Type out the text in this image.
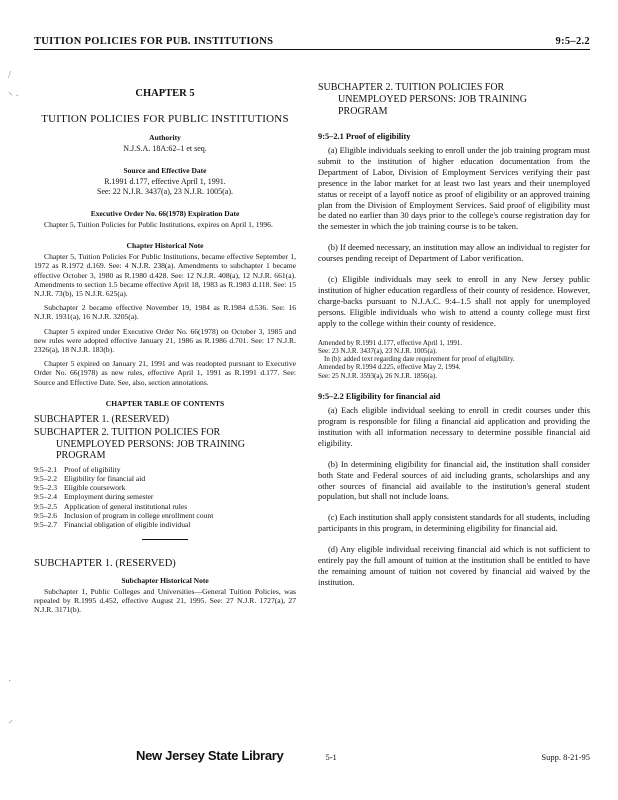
/
⸌ ·
·
⸍
TUITION POLICIES FOR PUB. INSTITUTIONS	9:5–2.2
CHAPTER 5
TUITION POLICIES FOR PUBLIC INSTITUTIONS
Authority
N.J.S.A. 18A:62–1 et seq.
Source and Effective Date
R.1991 d.177, effective April 1, 1991.
See: 22 N.J.R. 3437(a), 23 N.J.R. 1005(a).
Executive Order No. 66(1978) Expiration Date

Chapter 5, Tuition Policies for Public Institutions, expires on April 1, 1996.

Chapter Historical Note

Chapter 5, Tuition Policies For Public Institutions, became effective September 1, 1972 as R.1972 d.169. See: 4 N.J.R. 238(a). Amendments to subchapter 1 became effective October 3, 1980 as R.1980 d.428. See: 12 N.J.R. 408(a), 12 N.J.R. 661(a). Amendments to section 1.5 became effective April 18, 1983 as R.1983 d.118. See: 15 N.J.R. 73(b), 15 N.J.R. 625(a).

Subchapter 2 became effective November 19, 1984 as R.1984 d.536. See: 16 N.J.R. 1931(a), 16 N.J.R. 3205(a).

Chapter 5 expired under Executive Order No. 66(1978) on October 3, 1985 and new rules were adopted effective January 21, 1986 as R.1986 d.701. See: 17 N.J.R. 2326(a), 18 N.J.R. 183(b).

Chapter 5 expired on January 21, 1991 and was readopted pursuant to Executive Order No. 66(1978) as new rules, effective April 1, 1991 as R.1991 d.177. See: Source and Effective Date. See, also, section annotations.

CHAPTER TABLE OF CONTENTS
SUBCHAPTER 1. (RESERVED)
SUBCHAPTER 2. TUITION POLICIES FOR
UNEMPLOYED PERSONS: JOB TRAINING
PROGRAM
9:5–2.1 Proof of eligibility
9:5–2.2 Eligibility for financial aid
9:5–2.3 Eligible coursework
9:5–2.4 Employment during semester
9:5–2.5 Application of general institutional rules
9:5–2.6 Inclusion of program in college enrollment count
9:5–2.7 Financial obligation of eligible individual
SUBCHAPTER 1. (RESERVED)
Subchapter Historical Note

Subchapter 1, Public Colleges and Universities—General Tuition Policies, was repealed by R.1995 d.452, effective August 21, 1995. See: 27 N.J.R. 1727(a), 27 N.J.R. 3171(b).

SUBCHAPTER 2. TUITION POLICIES FOR
UNEMPLOYED PERSONS: JOB TRAINING
PROGRAM
9:5–2.1 Proof of eligibility

(a) Eligible individuals seeking to enroll under the job training program must submit to the institution of higher education documentation from the Department of Labor, Division of Employment Services verifying their past presence in the labor market for at least two last years and their unemployed status or receipt of a layoff notice as proof of eligibility or an approved training plan from the Division of Employment Services. Said proof of eligibility must be dated no earlier than 30 days prior to the college's course registration day for the semester in which the job training course is to be taken.

(b) If deemed necessary, an institution may allow an individual to register for courses pending receipt of Department of Labor verification.

(c) Eligible individuals may seek to enroll in any New Jersey public institution of higher education regardless of their county of residence. However, charge-backs pursuant to N.J.A.C. 9:4–1.5 shall not apply for unemployed persons. Eligible individuals who wish to attend a county college must first apply to the college within their county of residence.

Amended by R.1991 d.177, effective April 1, 1991.
See: 23 N.J.R. 3437(a), 23 N.J.R. 1005(a).
In (b): added text regarding date requirement for proof of eligibility.
Amended by R.1994 d.225, effective May 2, 1994.
See: 25 N.J.R. 3593(a), 26 N.J.R. 1856(a).
9:5–2.2 Eligibility for financial aid

(a) Each eligible individual seeking to enroll in credit courses under this program is responsible for filing a financial aid application and providing the institution with all information necessary to determine possible financial aid eligibility.

(b) In determining eligibility for financial aid, the institution shall consider both State and Federal sources of aid including grants, scholarships and any other sources of financial aid available to the institution's general student population, but shall not include loans.

(c) Each institution shall apply consistent standards for all students, including participants in this program, in determining eligibility for financial aid.

(d) Any eligible individual receiving financial aid which is not sufficient to entirely pay the full amount of tuition at the institution shall be entitled to have the remaining amount of tuition not covered by financial aid waived by the institution.

New Jersey State Library	5-1	Supp. 8-21-95
